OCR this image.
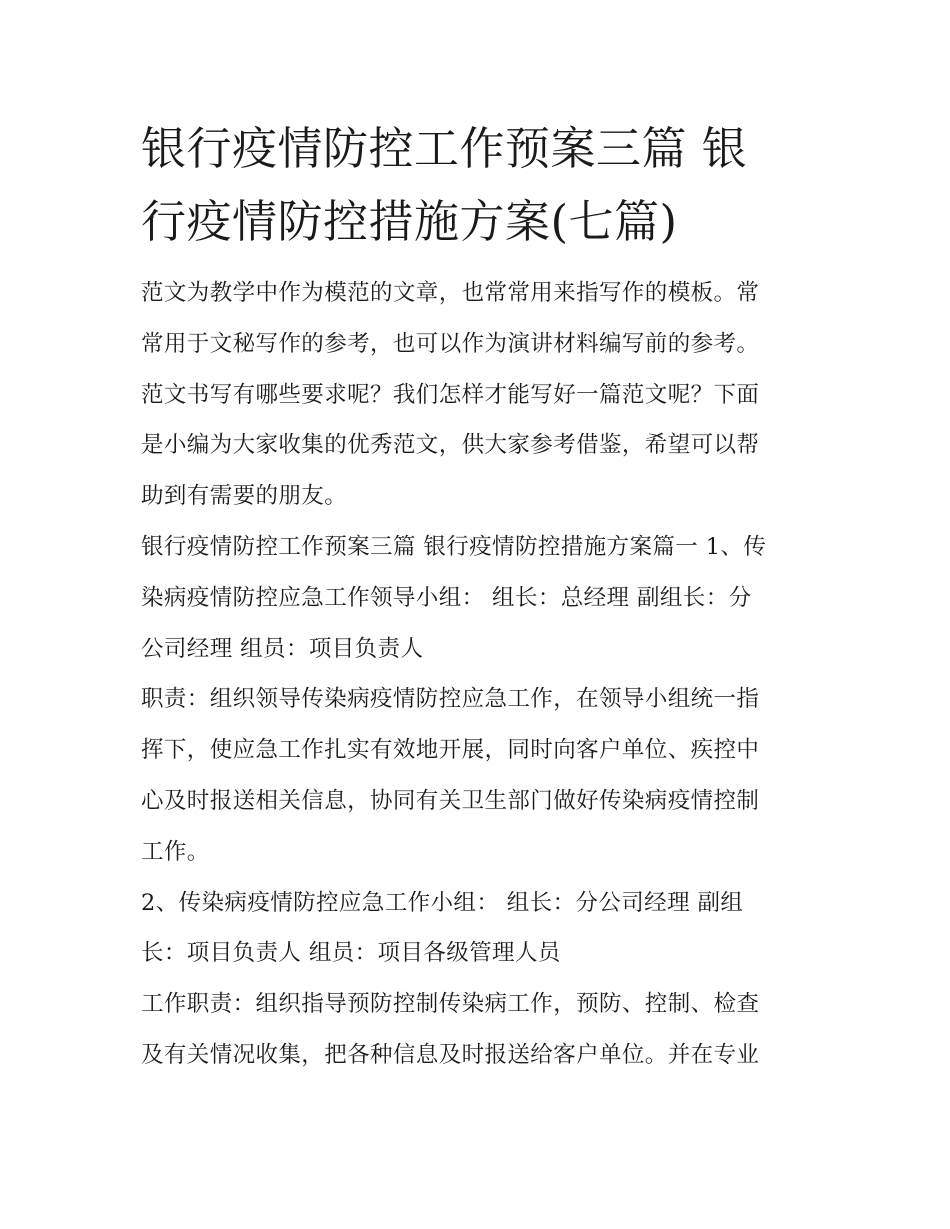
银行疫情防控工作预案三篇 银
行疫情防控措施方案(七篇)

范文为教学中作为模范的文章，也常常用来指写作的模板。常
常用于文秘写作的参考，也可以作为演讲材料编写前的参考。
范文书写有哪些要求呢？我们怎样才能写好一篇范文呢？下面
是小编为大家收集的优秀范文，供大家参考借鉴，希望可以帮
助到有需要的朋友。

银行疫情防控工作预案三篇 银行疫情防控措施方案篇一 1、传
染病疫情防控应急工作领导小组： 组长：总经理 副组长：分
公司经理 组员：项目负责人

职责：组织领导传染病疫情防控应急工作，在领导小组统一指
挥下，使应急工作扎实有效地开展，同时向客户单位、疾控中
心及时报送相关信息，协同有关卫生部门做好传染病疫情控制
工作。

2、传染病疫情防控应急工作小组： 组长：分公司经理 副组
长：项目负责人 组员：项目各级管理人员

工作职责：组织指导预防控制传染病工作，预防、控制、检查
及有关情况收集，把各种信息及时报送给客户单位。并在专业
